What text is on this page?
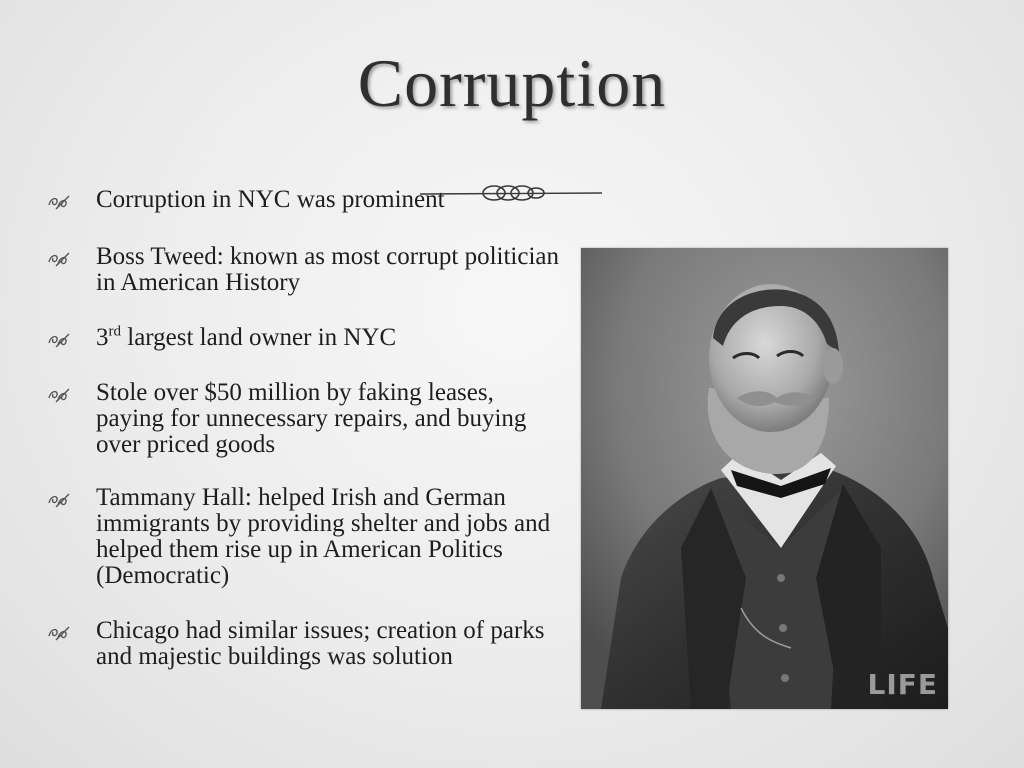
Corruption
Corruption in NYC was prominent
Boss Tweed: known as most corrupt politician in American History
3rd largest land owner in NYC
Stole over $50 million by faking leases, paying for unnecessary repairs, and buying over priced goods
Tammany Hall: helped Irish and German immigrants by providing shelter and jobs and helped them rise up in American Politics (Democratic)
Chicago had similar issues; creation of parks and majestic buildings was solution
LIFE
